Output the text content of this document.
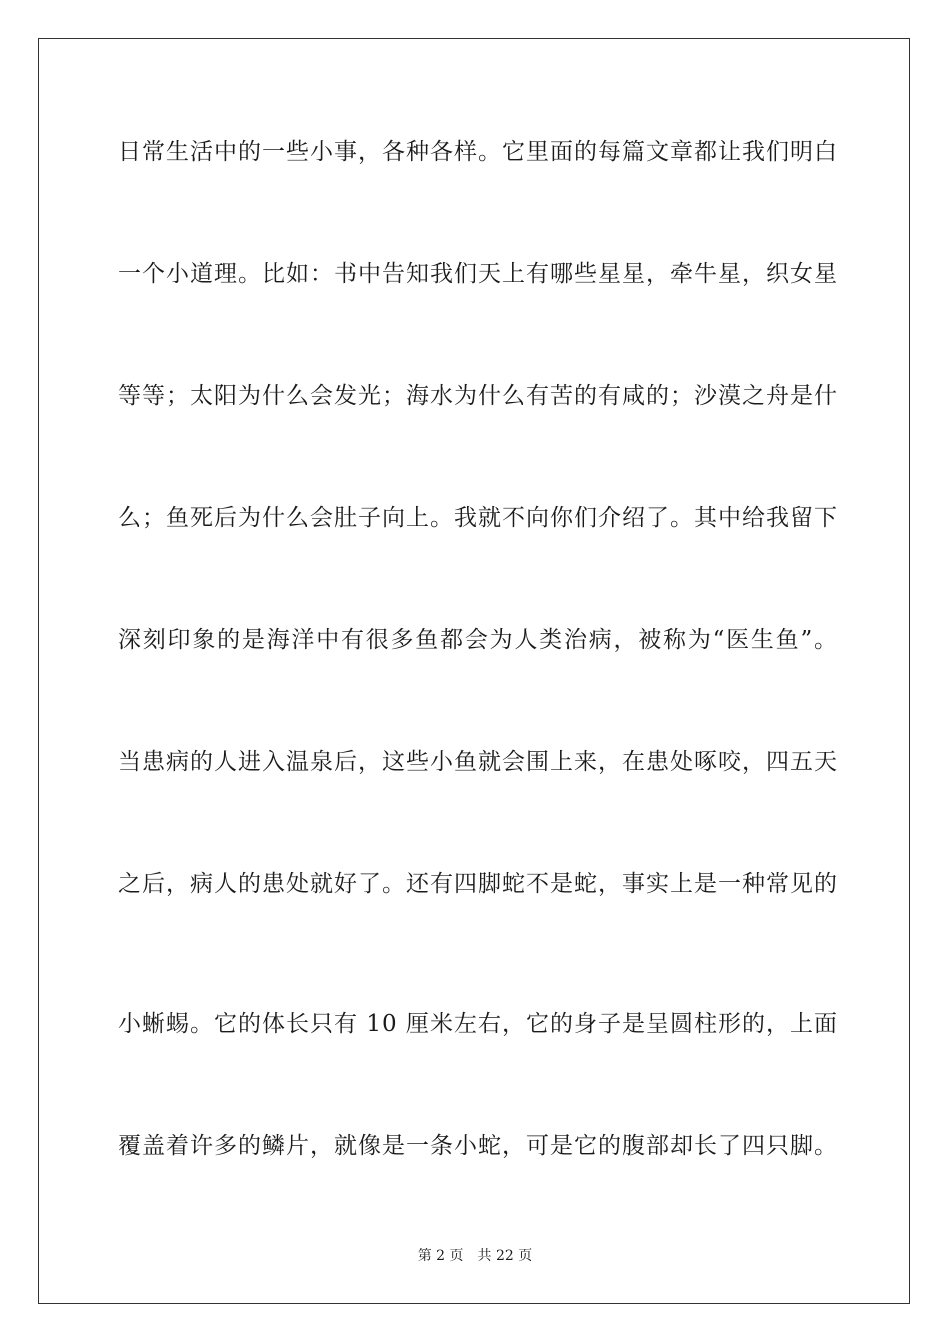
日常生活中的一些小事，各种各样。它里面的每篇文章都让我们明白
一个小道理。比如：书中告知我们天上有哪些星星，牵牛星，织女星
等等；太阳为什么会发光；海水为什么有苦的有咸的；沙漠之舟是什
么；鱼死后为什么会肚子向上。我就不向你们介绍了。其中给我留下
深刻印象的是海洋中有很多鱼都会为人类治病，被称为“医生鱼”。
当患病的人进入温泉后，这些小鱼就会围上来，在患处啄咬，四五天
之后，病人的患处就好了。还有四脚蛇不是蛇，事实上是一种常见的
小蜥蜴。它的体长只有 10 厘米左右，它的身子是呈圆柱形的，上面
覆盖着许多的鳞片，就像是一条小蛇，可是它的腹部却长了四只脚。
第 2 页 共 22 页
